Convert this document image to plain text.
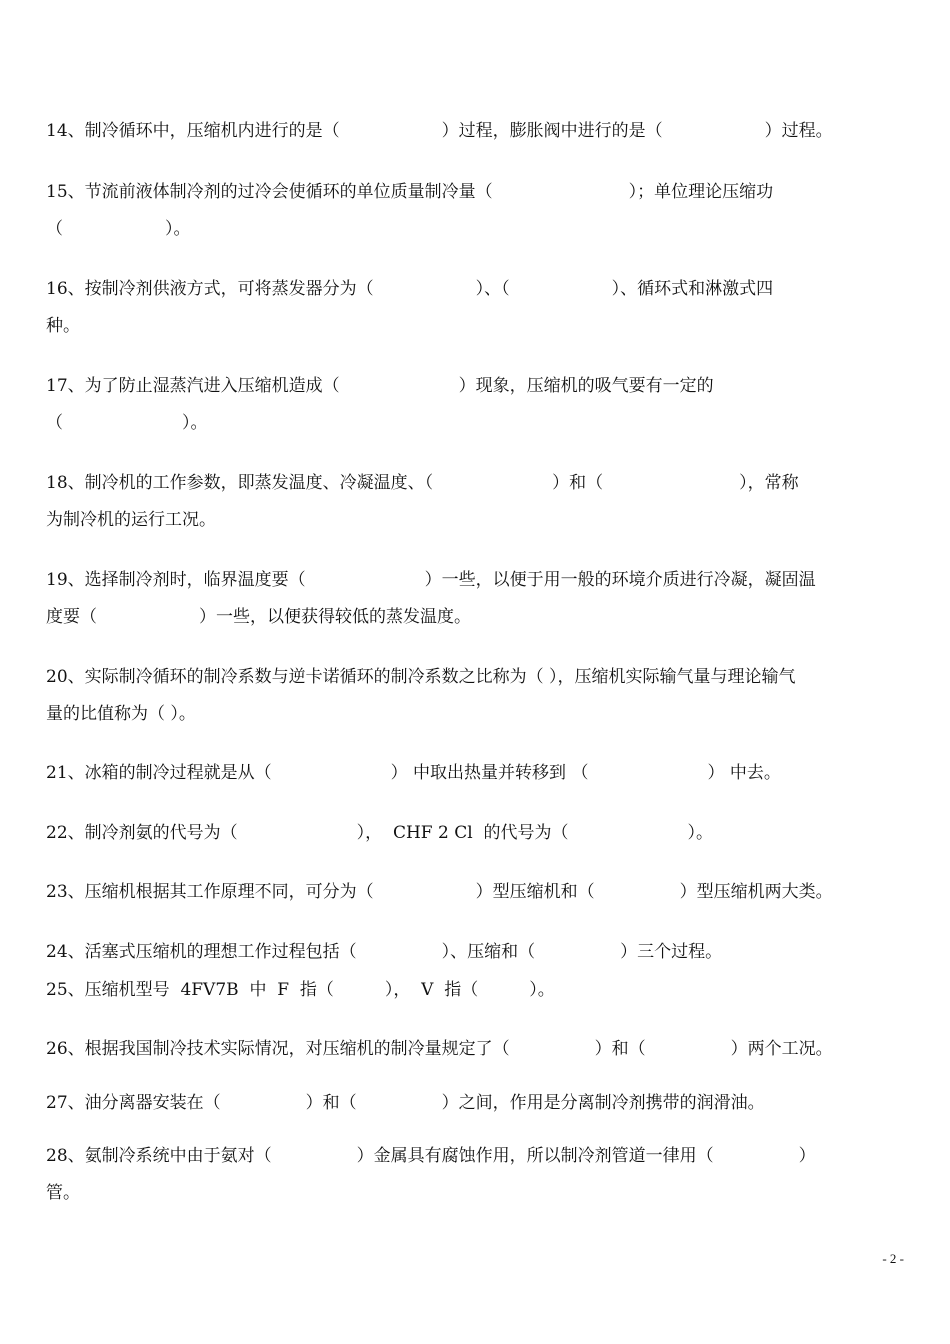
14、制冷循环中，压缩机内进行的是（　　　　　　）过程，膨胀阀中进行的是（　　　　　　）过程。

15、节流前液体制冷剂的过冷会使循环的单位质量制冷量（　　　　　　　　）；单位理论压缩功

（　　　　　　）。

16、按制冷剂供液方式，可将蒸发器分为（　　　　　　）、（　　　　　　）、循环式和淋激式四

种。

17、为了防止湿蒸汽进入压缩机造成（　　　　　　　）现象，压缩机的吸气要有一定的

（　　　　　　　）。

18、制冷机的工作参数，即蒸发温度、冷凝温度、（　　　　　　　）和（　　　　　　　　），常称

为制冷机的运行工况。

19、选择制冷剂时，临界温度要（　　　　　　　）一些，以便于用一般的环境介质进行冷凝，凝固温

度要（　　　　　　）一些，以便获得较低的蒸发温度。

20、实际制冷循环的制冷系数与逆卡诺循环的制冷系数之比称为（ ），压缩机实际输气量与理论输气

量的比值称为（ ）。

21、冰箱的制冷过程就是从（　　　　　　　） 中取出热量并转移到 （　　　　　　　） 中去。

22、制冷剂氨的代号为（　　　　　　　），  CHF 2 Cl  的代号为（　　　　　　　）。

23、压缩机根据其工作原理不同，可分为（　　　　　　）型压缩机和（　　　　　）型压缩机两大类。

24、活塞式压缩机的理想工作过程包括（　　　　　）、压缩和（　　　　　）三个过程。

25、压缩机型号  4FV7B  中  F  指（　　　），  V  指（　　　）。

26、根据我国制冷技术实际情况，对压缩机的制冷量规定了（　　　　　）和（　　　　　）两个工况。

27、油分离器安装在（　　　　　）和（　　　　　）之间，作用是分离制冷剂携带的润滑油。

28、氨制冷系统中由于氨对（　　　　　）金属具有腐蚀作用，所以制冷剂管道一律用（　　　　　）

管。

- 2 -
